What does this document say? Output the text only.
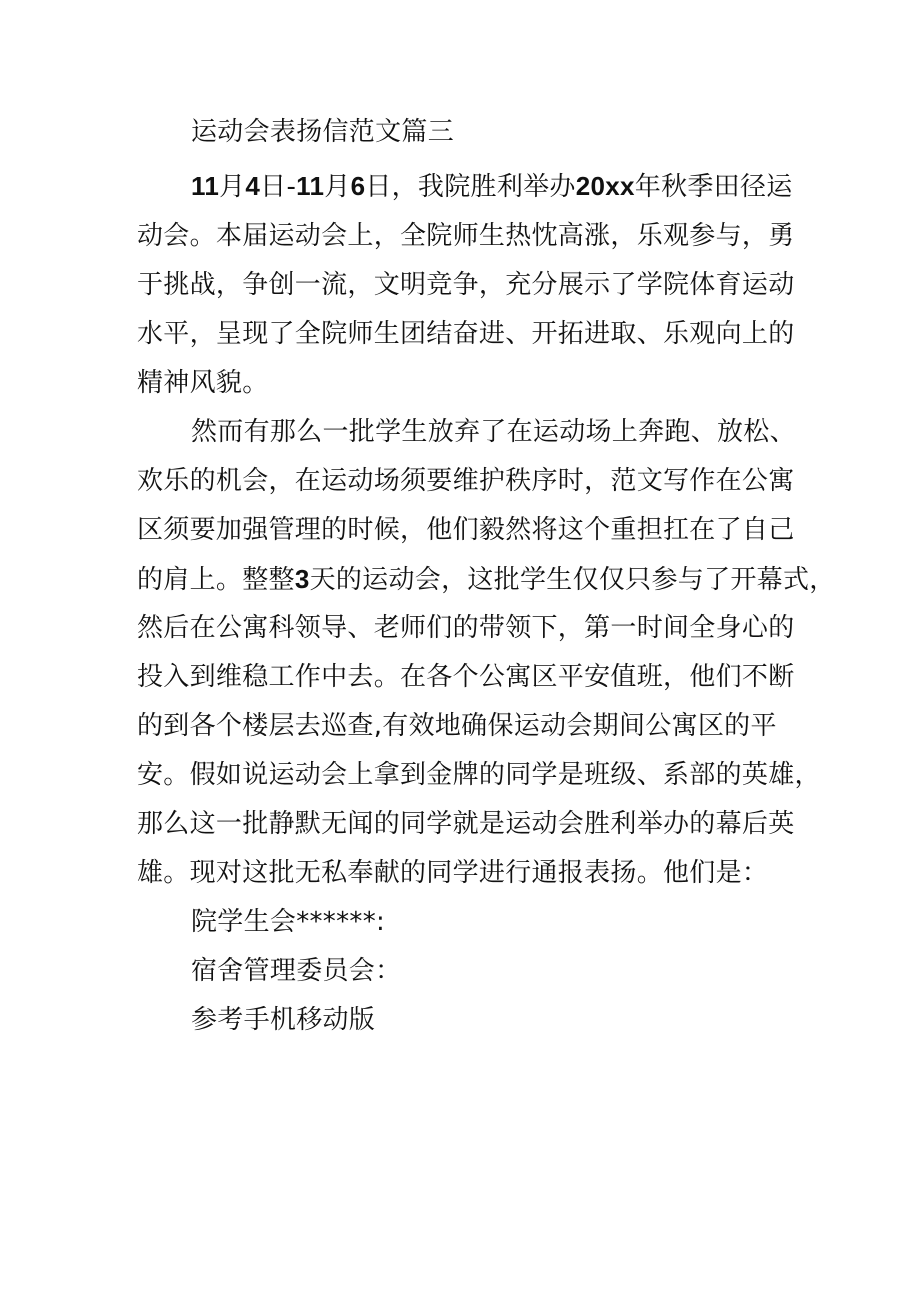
运动会表扬信范文篇三
11月4日-11月6日，我院胜利举办20xx年秋季田径运
动会。本届运动会上，全院师生热忱高涨，乐观参与，勇
于挑战，争创一流，文明竞争，充分展示了学院体育运动
水平，呈现了全院师生团结奋进、开拓进取、乐观向上的
精神风貌。
然而有那么一批学生放弃了在运动场上奔跑、放松、
欢乐的机会，在运动场须要维护秩序时，范文写作在公寓
区须要加强管理的时候，他们毅然将这个重担扛在了自己
的肩上。整整3天的运动会，这批学生仅仅只参与了开幕式，
然后在公寓科领导、老师们的带领下，第一时间全身心的
投入到维稳工作中去。在各个公寓区平安值班，他们不断
的到各个楼层去巡查,有效地确保运动会期间公寓区的平
安。假如说运动会上拿到金牌的同学是班级、系部的英雄，
那么这一批静默无闻的同学就是运动会胜利举办的幕后英
雄。现对这批无私奉献的同学进行通报表扬。他们是：
院学生会******:
宿舍管理委员会：
参考手机移动版
